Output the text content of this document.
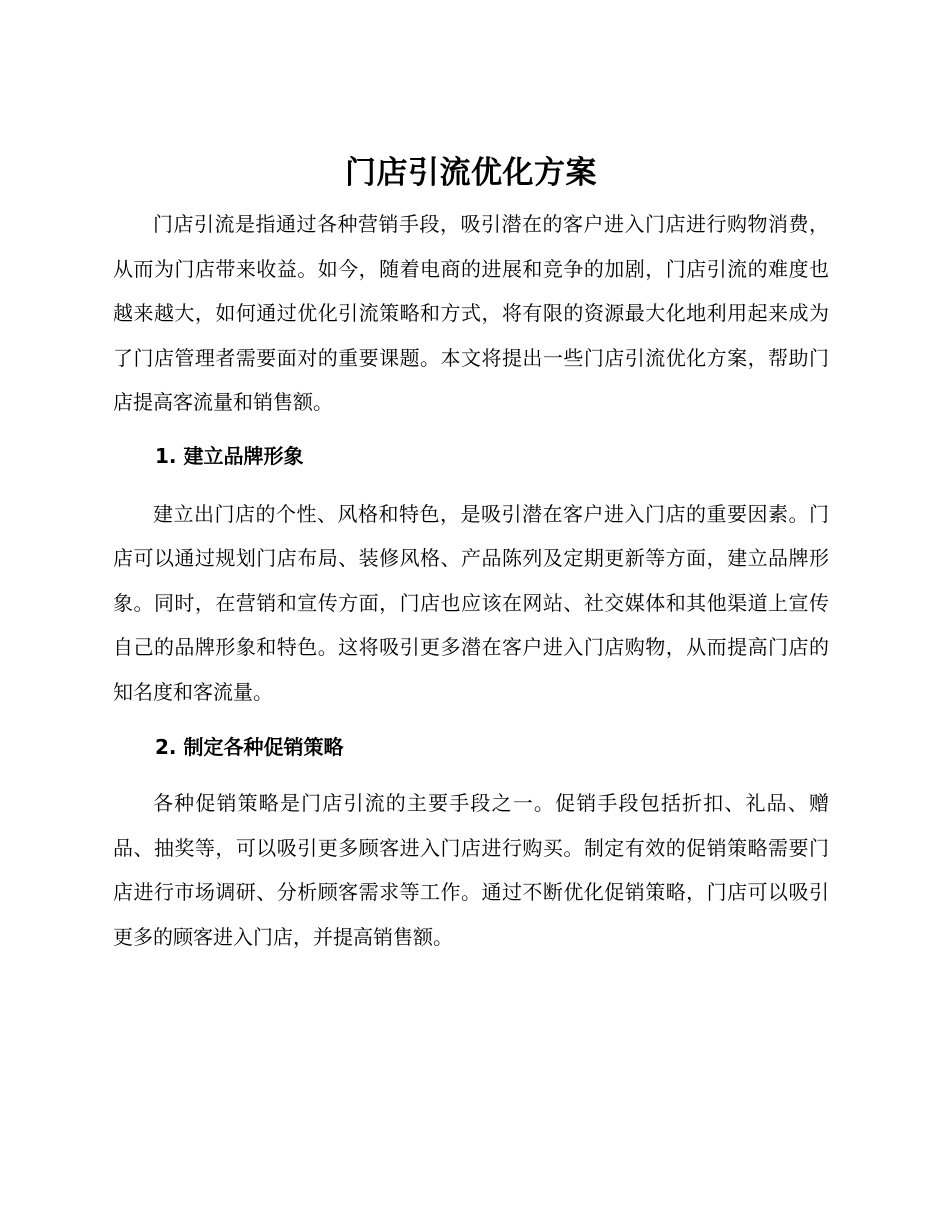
门店引流优化方案

门店引流是指通过各种营销手段，吸引潜在的客户进入门店进行购物消费，从而为门店带来收益。如今，随着电商的进展和竞争的加剧，门店引流的难度也越来越大，如何通过优化引流策略和方式，将有限的资源最大化地利用起来成为了门店管理者需要面对的重要课题。本文将提出一些门店引流优化方案，帮助门店提高客流量和销售额。

1. 建立品牌形象

建立出门店的个性、风格和特色，是吸引潜在客户进入门店的重要因素。门店可以通过规划门店布局、装修风格、产品陈列及定期更新等方面，建立品牌形象。同时，在营销和宣传方面，门店也应该在网站、社交媒体和其他渠道上宣传自己的品牌形象和特色。这将吸引更多潜在客户进入门店购物，从而提高门店的知名度和客流量。

2. 制定各种促销策略

各种促销策略是门店引流的主要手段之一。促销手段包括折扣、礼品、赠品、抽奖等，可以吸引更多顾客进入门店进行购买。制定有效的促销策略需要门店进行市场调研、分析顾客需求等工作。通过不断优化促销策略，门店可以吸引更多的顾客进入门店，并提高销售额。
